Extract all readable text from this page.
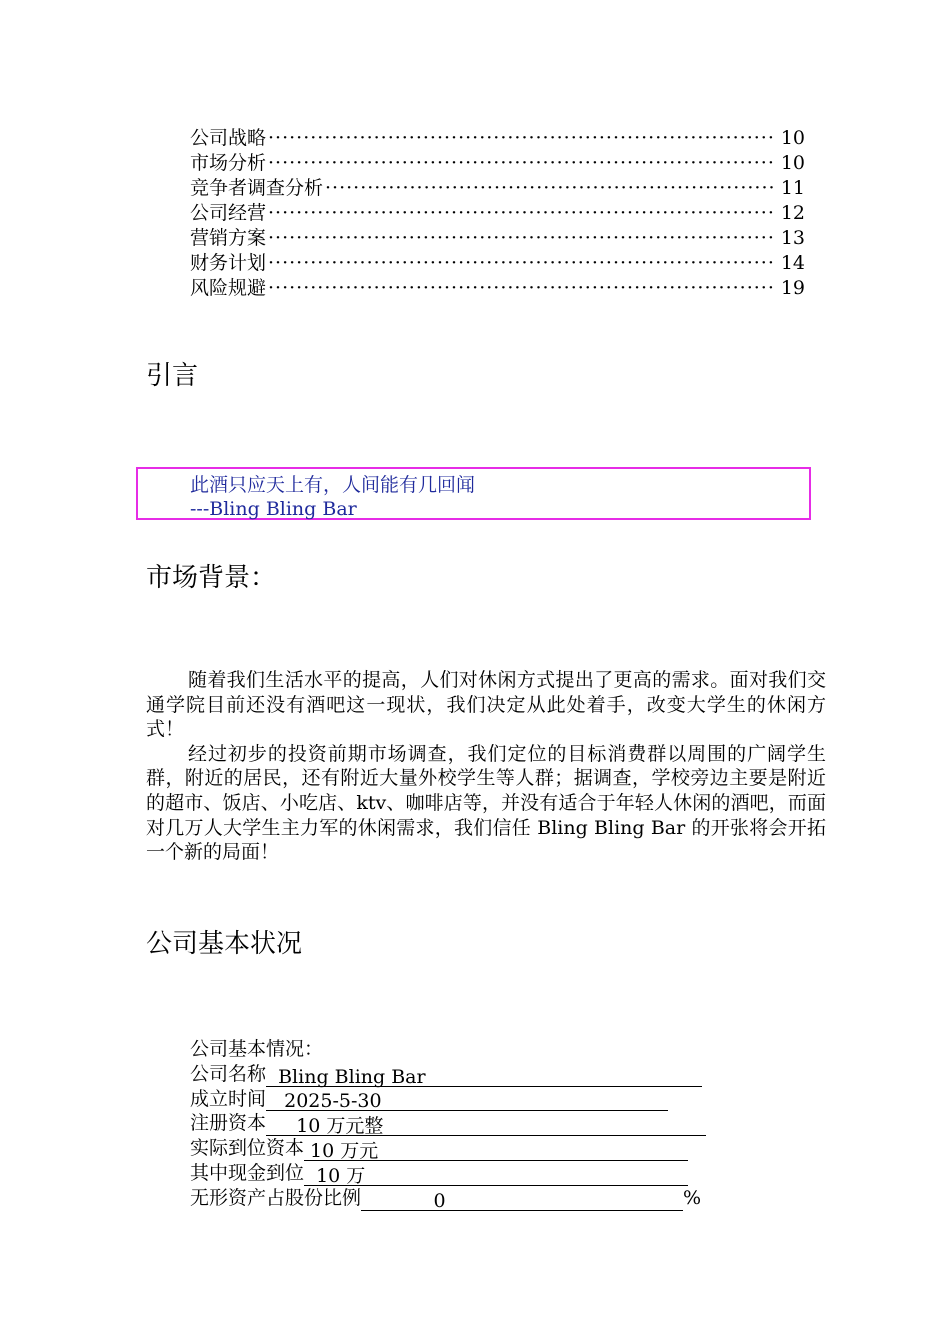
公司战略 ·····	10
市场分析 ·····	10
竞争者调查分析 ·····	11
公司经营 ·····	12
营销方案 ·····	13
财务计划 ·····	14
风险规避 ·····	19
引言
此酒只应天上有，人间能有几回闻
---Bling Bling Bar
市场背景：

随着我们生活水平的提高，人们对休闲方式提出了更高的需求。面对我们交通学院目前还没有酒吧这一现状，我们决定从此处着手，改变大学生的休闲方式！

经过初步的投资前期市场调查，我们定位的目标消费群以周围的广阔学生群，附近的居民，还有附近大量外校学生等人群；据调查，学校旁边主要是附近的超市、饭店、小吃店、ktv、咖啡店等，并没有适合于年轻人休闲的酒吧，而面对几万人大学生主力军的休闲需求，我们信任 Bling Bling Bar 的开张将会开拓一个新的局面！

公司基本状况
公司基本情况：
公司名称 Bling Bling Bar
成立时间 2025-5-30
注册资本 10 万元整
实际到位资本 10 万元
其中现金到位 10 万
无形资产占股份比例 0	%
